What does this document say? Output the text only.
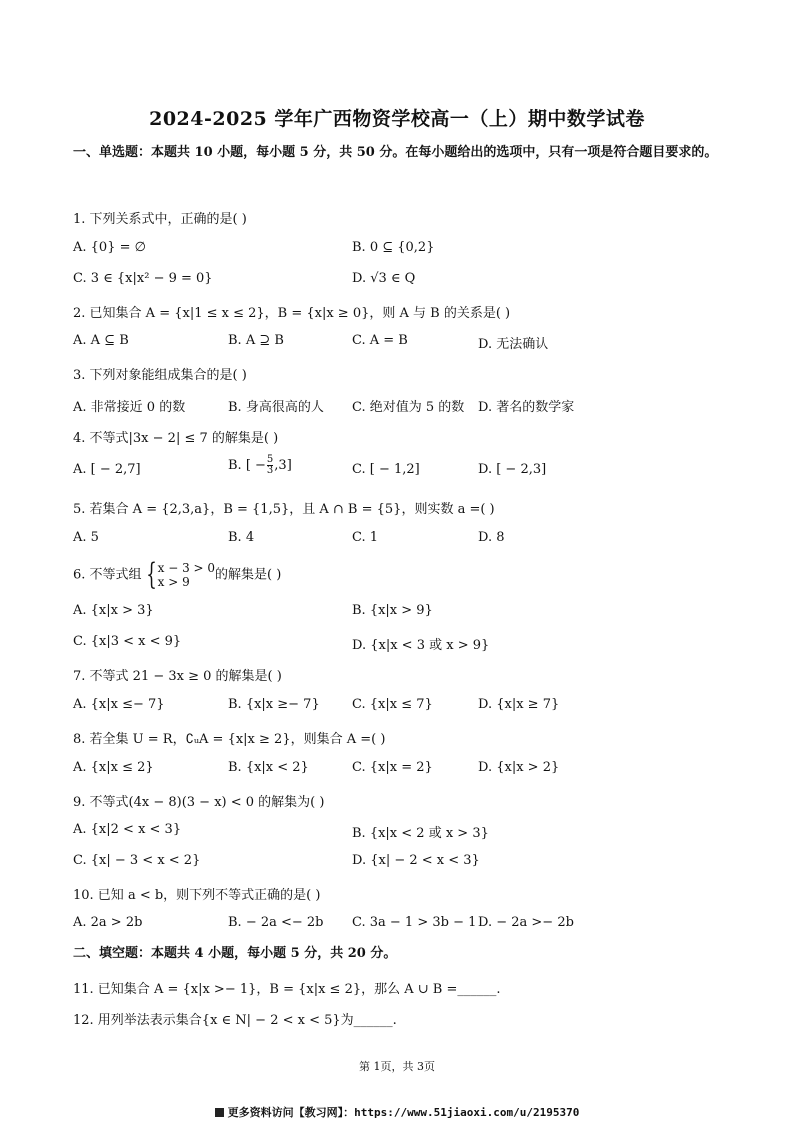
2024-2025 学年广西物资学校高一（上）期中数学试卷
一、单选题：本题共 10 小题，每小题 5 分，共 50 分。在每小题给出的选项中，只有一项是符合题目要求的。
1. 下列关系式中，正确的是( )
A. {0} = ∅	B. 0 ⊆ {0,2}
C. 3 ∈ {x|x² − 9 = 0}	D. √3 ∈ Q
2. 已知集合 A = {x|1 ≤ x ≤ 2}，B = {x|x ≥ 0}，则 A 与 B 的关系是( )
A. A ⊆ B	B. A ⊇ B	C. A = B	D. 无法确认
3. 下列对象能组成集合的是( )
A. 非常接近 0 的数	B. 身高很高的人 C. 绝对值为 5 的数 D. 著名的数学家
4. 不等式|3x − 2| ≤ 7 的解集是( )
A. [ − 2,7]	B. [ − $\frac{5}{3} ,3$]	C. [ − 1,2]	D. [ − 2,3]
5. 若集合 A = {2,3,a}，B = {1,5}，且 A ∩ B = {5}，则实数 a =( )
A. 5	B. 4	C. 1	D. 8
6. 不等式组 { x − 3 > 0
x > 9	的解集是( )
A. {x|x > 3}	B. {x|x > 9}
C. {x|3 < x < 9}	D. {x|x < 3 或 x > 9}
7. 不等式 21 − 3x ≥ 0 的解集是( )
A. {x|x ≤− 7}	B. {x|x ≥− 7} C. {x|x ≤ 7}	D. {x|x ≥ 7}
8. 若全集 U = R，∁ᵤA = {x|x ≥ 2}，则集合 A =( )
A. {x|x ≤ 2}	B. {x|x < 2}	C. {x|x = 2}	D. {x|x > 2}
9. 不等式(4x − 8)(3 − x) < 0 的解集为( )
A. {x|2 < x < 3}	B. {x|x < 2 或 x > 3}
C. {x| − 3 < x < 2}	D. {x| − 2 < x < 3}
10. 已知 a < b，则下列不等式正确的是( )
A. 2a > 2b	B. − 2a <− 2b C. 3a − 1 > 3b − 1 D. − 2a >− 2b
二、填空题：本题共 4 小题，每小题 5 分，共 20 分。
11. 已知集合 A = {x|x >− 1}，B = {x|x ≤ 2}，那么 A ∪ B =______.
12. 用列举法表示集合{x ∈ N| − 2 < x < 5}为______.
第 1页，共 3页
更多资料访问【教习网】：https://www.51jiaoxi.com/u/2195370
